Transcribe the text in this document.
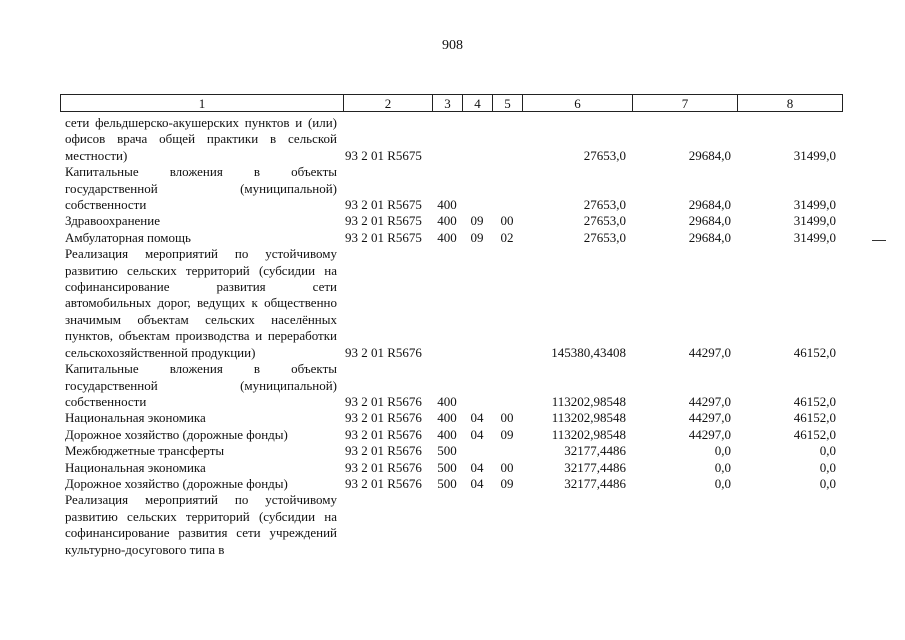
908
1	2	3	4	5	6	7	8
сети фельдшерско-акушерских пунктов и (или) офисов врача общей практики в сельской местности)	93 2 01 R5675				27653,0	29684,0	31499,0
Капитальные вложения в объекты государственной (муниципальной) собственности	93 2 01 R5675	400			27653,0	29684,0	31499,0
Здравоохранение	93 2 01 R5675	400	09	00	27653,0	29684,0	31499,0
Амбулаторная помощь	93 2 01 R5675	400	09	02	27653,0	29684,0	31499,0
Реализация мероприятий по устойчивому развитию сельских территорий (субсидии на софинансирование развития сети автомобильных дорог, ведущих к общественно значимым объектам сельских населённых пунктов, объектам производства и переработки сельскохозяйственной продукции)	93 2 01 R5676				145380,43408	44297,0	46152,0
Капитальные вложения в объекты государственной (муниципальной) собственности	93 2 01 R5676	400			113202,98548	44297,0	46152,0
Национальная экономика	93 2 01 R5676	400	04	00	113202,98548	44297,0	46152,0
Дорожное хозяйство (дорожные фонды)	93 2 01 R5676	400	04	09	113202,98548	44297,0	46152,0
Межбюджетные трансферты	93 2 01 R5676	500			32177,4486	0,0	0,0
Национальная экономика	93 2 01 R5676	500	04	00	32177,4486	0,0	0,0
Дорожное хозяйство (дорожные фонды)	93 2 01 R5676	500	04	09	32177,4486	0,0	0,0
Реализация мероприятий по устойчивому развитию сельских территорий (субсидии на софинансирование развития сети учреждений культурно-досугового типа в							
